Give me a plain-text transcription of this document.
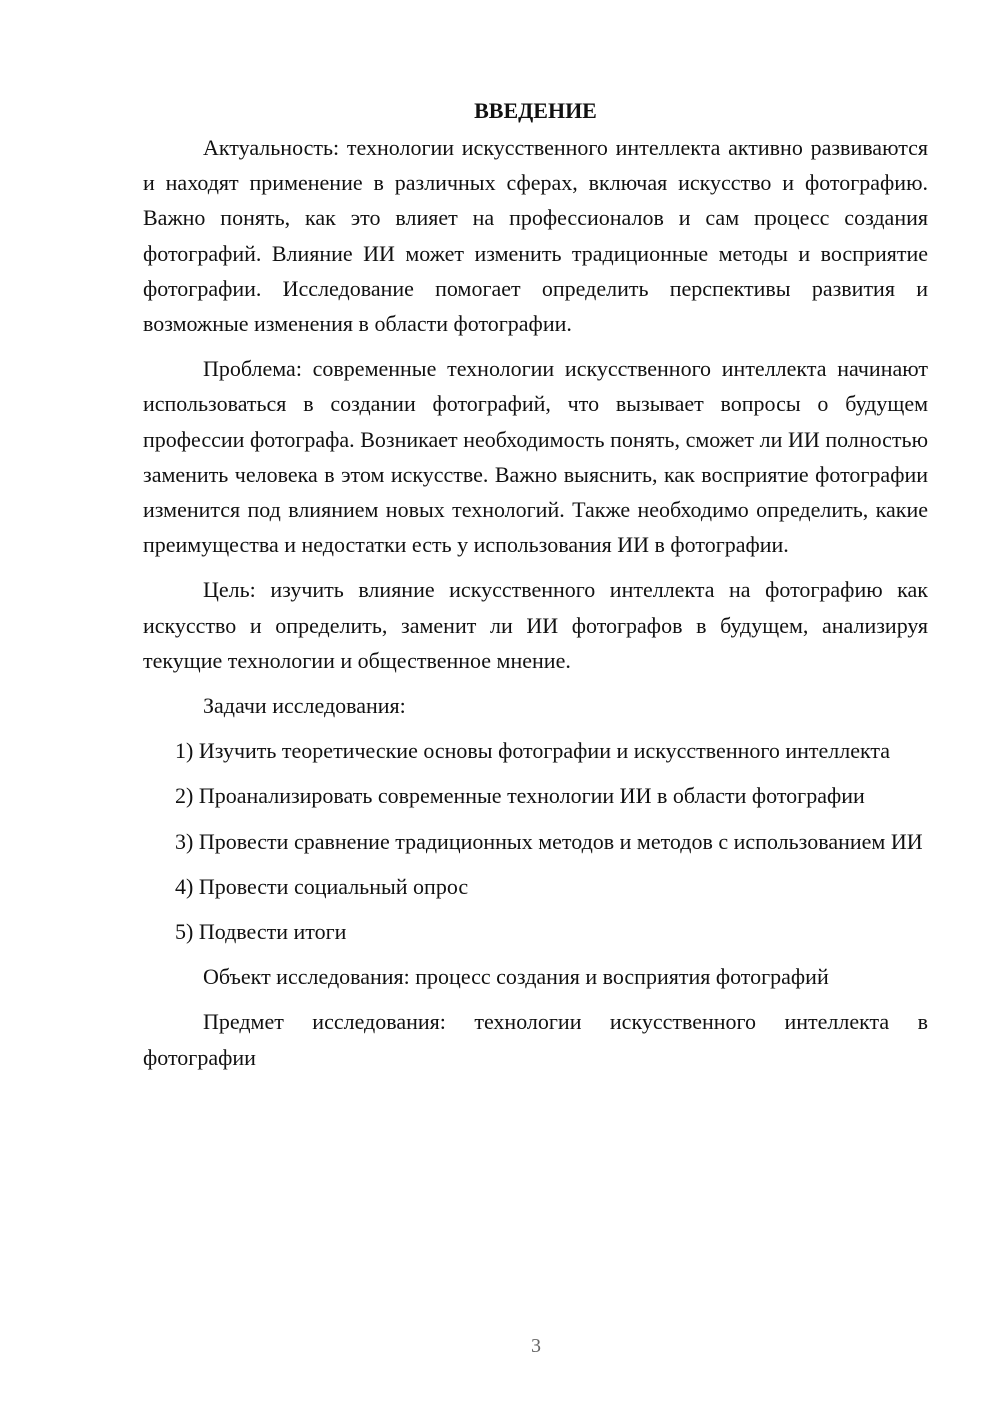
ВВЕДЕНИЕ

Актуальность: технологии искусственного интеллекта активно развиваются и находят применение в различных сферах, включая искусство и фотографию. Важно понять, как это влияет на профессионалов и сам процесс создания фотографий. Влияние ИИ может изменить традиционные методы и восприятие фотографии. Исследование помогает определить перспективы развития и возможные изменения в области фотографии.

Проблема: современные технологии искусственного интеллекта начинают использоваться в создании фотографий, что вызывает вопросы о будущем профессии фотографа. Возникает необходимость понять, сможет ли ИИ полностью заменить человека в этом искусстве. Важно выяснить, как восприятие фотографии изменится под влиянием новых технологий. Также необходимо определить, какие преимущества и недостатки есть у использования ИИ в фотографии.

Цель: изучить влияние искусственного интеллекта на фотографию как искусство и определить, заменит ли ИИ фотографов в будущем, анализируя текущие технологии и общественное мнение.

Задачи исследования:

1) Изучить теоретические основы фотографии и искусственного интеллекта

2) Проанализировать современные технологии ИИ в области фотографии

3) Провести сравнение традиционных методов и методов с использованием ИИ

4) Провести социальный опрос

5) Подвести итоги

Объект исследования: процесс создания и восприятия фотографий

Предмет исследования: технологии искусственного интеллекта в фотографии

3
